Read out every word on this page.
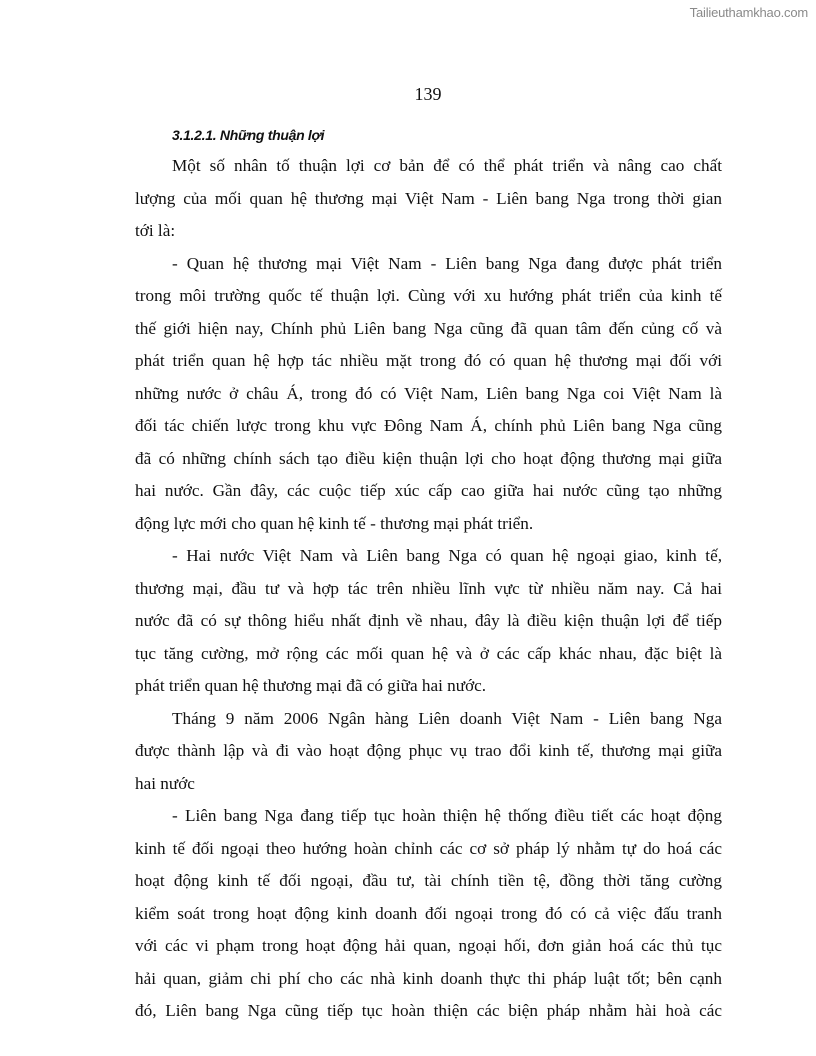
Tailieuthamkhao.com
139
3.1.2.1. Những thuận lợi
Một số nhân tố thuận lợi cơ bản để có thể phát triển và nâng cao chất
lượng của mối quan hệ thương mại Việt Nam - Liên bang Nga trong thời gian
tới là:
- Quan hệ thương mại Việt Nam - Liên bang Nga đang được phát triển
trong môi trường quốc tế thuận lợi. Cùng với xu hướng phát triển của kinh tế
thế giới hiện nay, Chính phủ Liên bang Nga cũng đã quan tâm đến củng cố và
phát triển quan hệ hợp tác nhiều mặt trong đó có quan hệ thương mại đối với
những nước ở châu Á, trong đó có Việt Nam, Liên bang Nga coi Việt Nam là
đối tác chiến lược trong khu vực Đông Nam Á, chính phủ Liên bang Nga cũng
đã có những chính sách tạo điều kiện thuận lợi cho hoạt động thương mại giữa
hai nước. Gần đây, các cuộc tiếp xúc cấp cao giữa hai nước cũng tạo những
động lực mới cho quan hệ kinh tế - thương mại phát triển.
- Hai nước Việt Nam và Liên bang Nga có quan hệ ngoại giao, kinh tế,
thương mại, đầu tư và hợp tác trên nhiều lĩnh vực từ nhiều năm nay. Cả hai
nước đã có sự thông hiểu nhất định về nhau, đây là điều kiện thuận lợi để tiếp
tục tăng cường, mở rộng các mối quan hệ và ở các cấp khác nhau, đặc biệt là
phát triển quan hệ thương mại đã có giữa hai nước.
Tháng 9 năm 2006 Ngân hàng Liên doanh Việt Nam - Liên bang Nga
được thành lập và đi vào hoạt động phục vụ trao đổi kinh tế, thương mại giữa
hai nước
- Liên bang Nga đang tiếp tục hoàn thiện hệ thống điều tiết các hoạt động
kinh tế đối ngoại theo hướng hoàn chỉnh các cơ sở pháp lý nhằm tự do hoá các
hoạt động kinh tế đối ngoại, đầu tư, tài chính tiền tệ, đồng thời tăng cường
kiểm soát trong hoạt động kinh doanh đối ngoại trong đó có cả việc đấu tranh
với các vi phạm trong hoạt động hải quan, ngoại hối, đơn giản hoá các thủ tục
hải quan, giảm chi phí cho các nhà kinh doanh thực thi pháp luật tốt; bên cạnh
đó, Liên bang Nga cũng tiếp tục hoàn thiện các biện pháp nhằm hài hoà các
